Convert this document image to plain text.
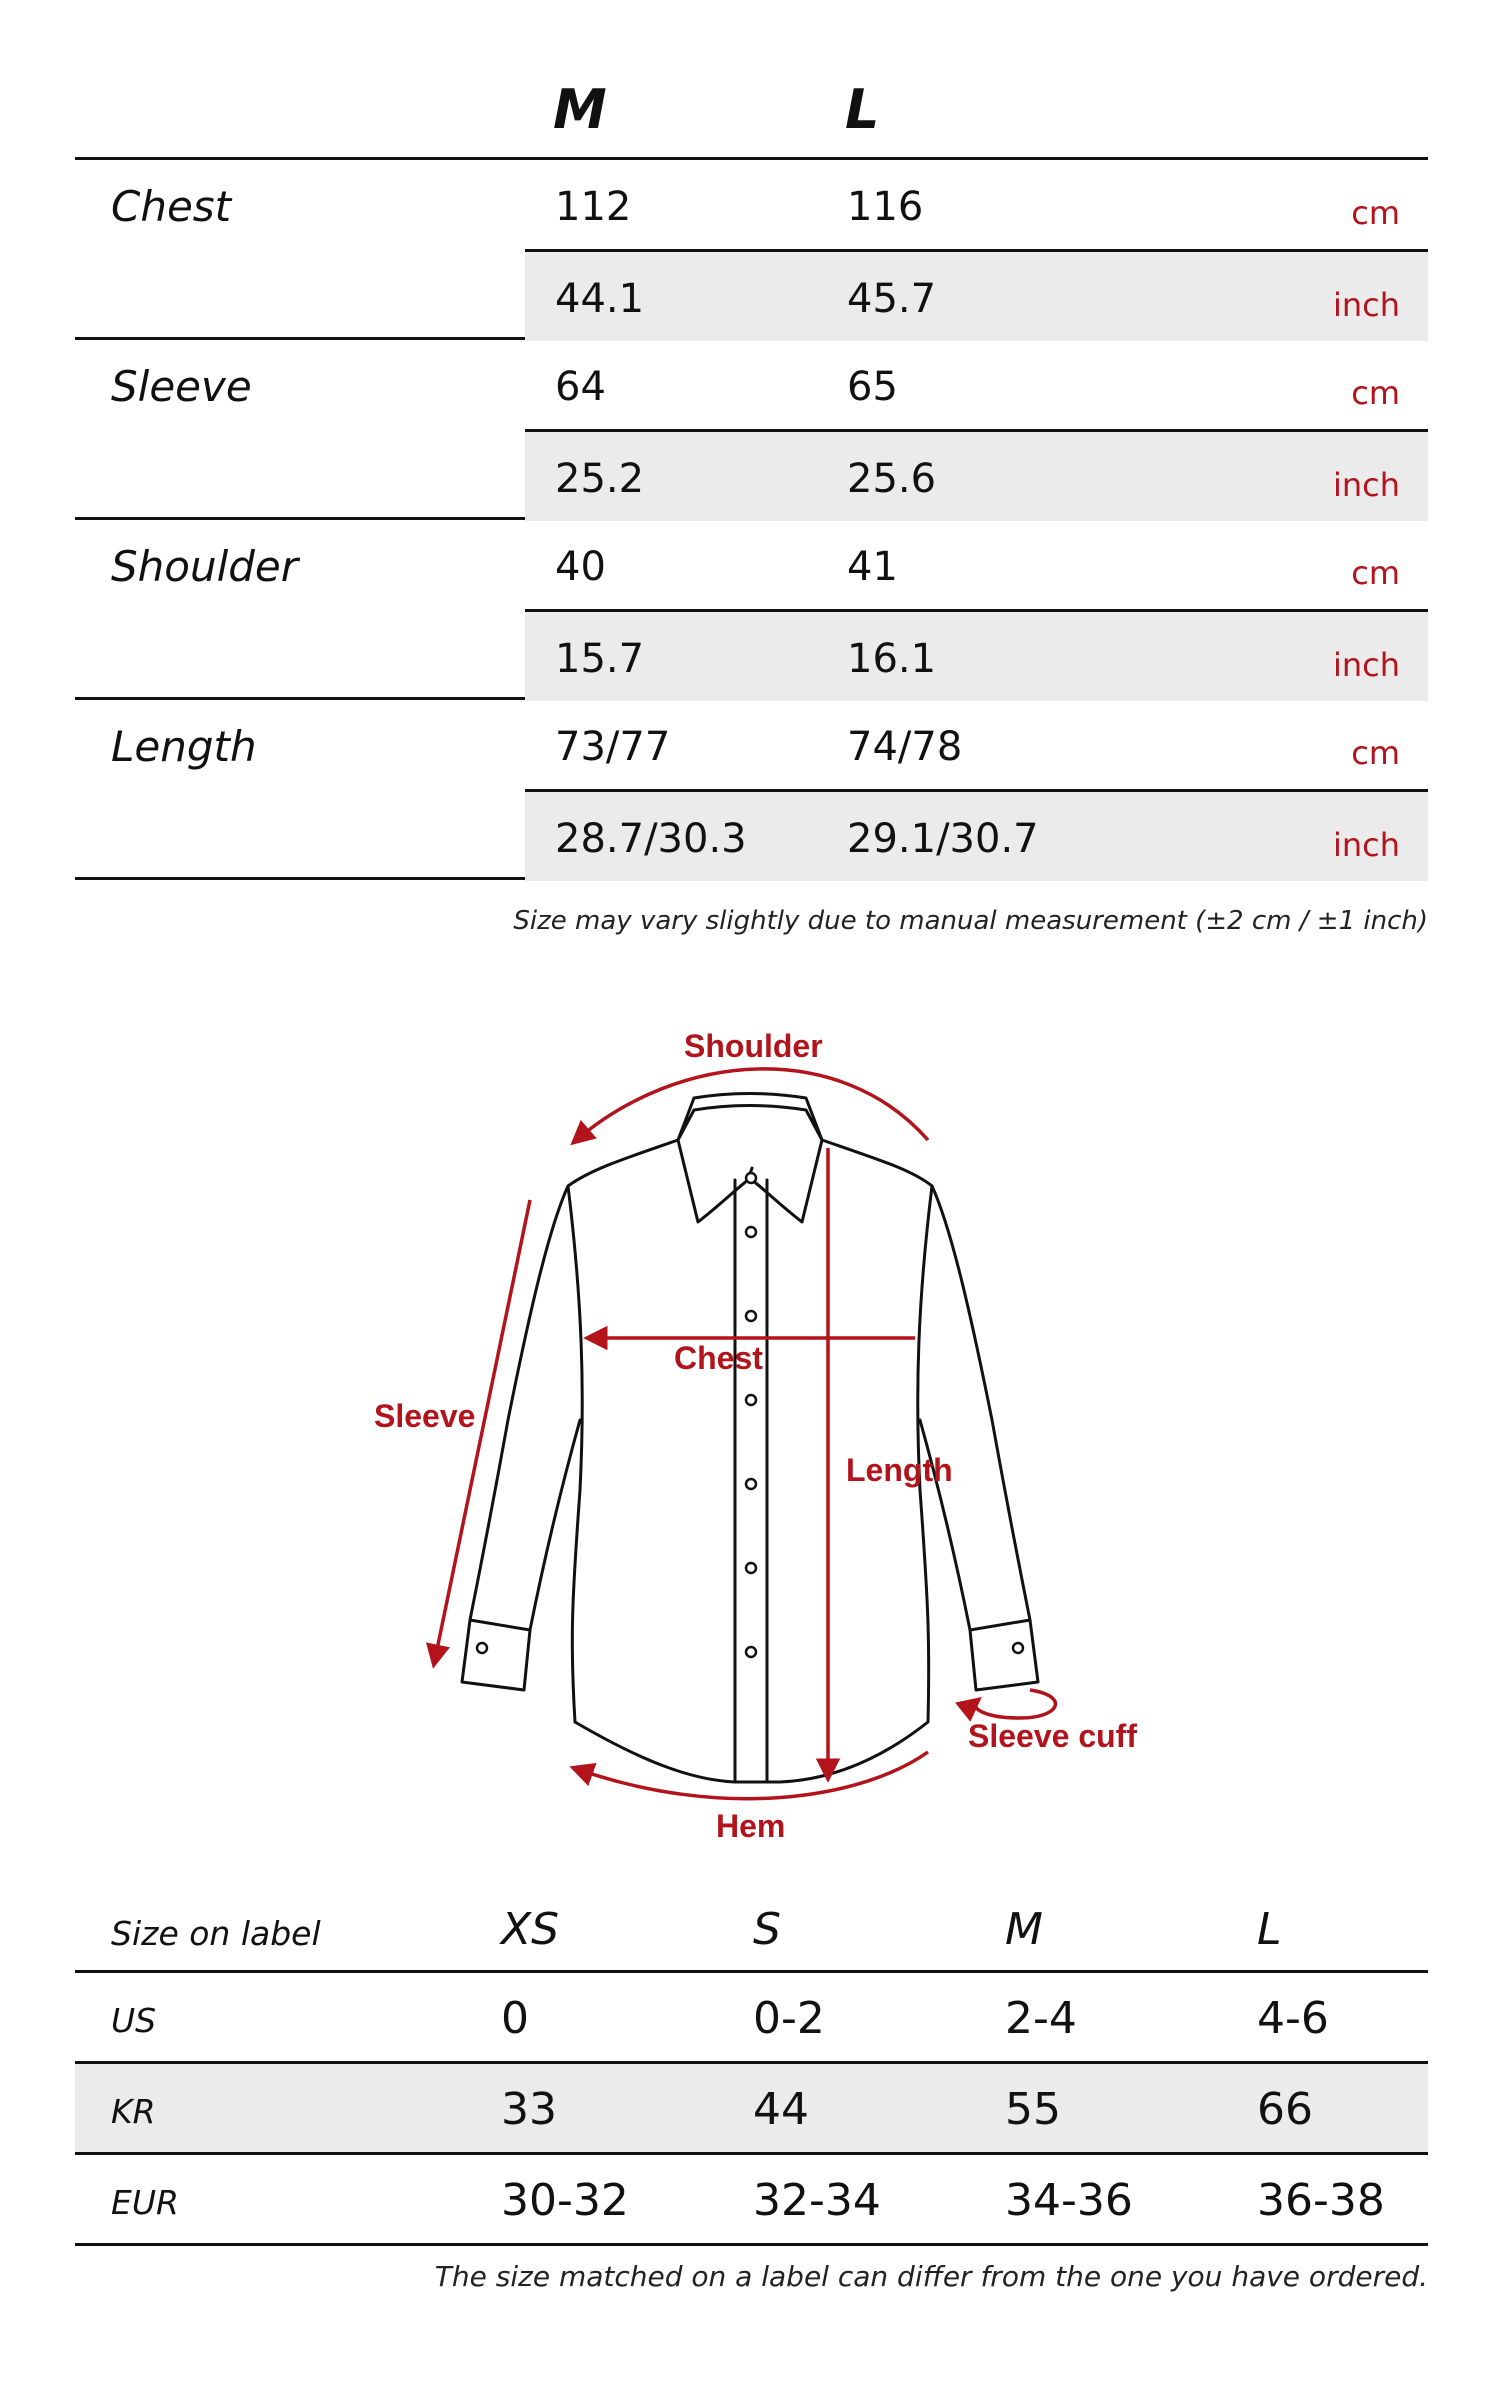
M	L
Chest	112	116	cm
44.1	45.7	inch
Sleeve	64	65	cm
25.2	25.6	inch
Shoulder	40	41	cm
15.7	16.1	inch
Length	73/77	74/78	cm
28.7/30.3	29.1/30.7	inch
Size may vary slightly due to manual measurement (±2 cm / ±1 inch)
Shoulder
Chest
Sleeve
Length
Sleeve cuff
Hem
Size on label	XS	S	M	L
US	0	0-2	2-4	4-6
KR	33	44	55	66
EUR	30-32	32-34	34-36	36-38
The size matched on a label can differ from the one you have ordered.
